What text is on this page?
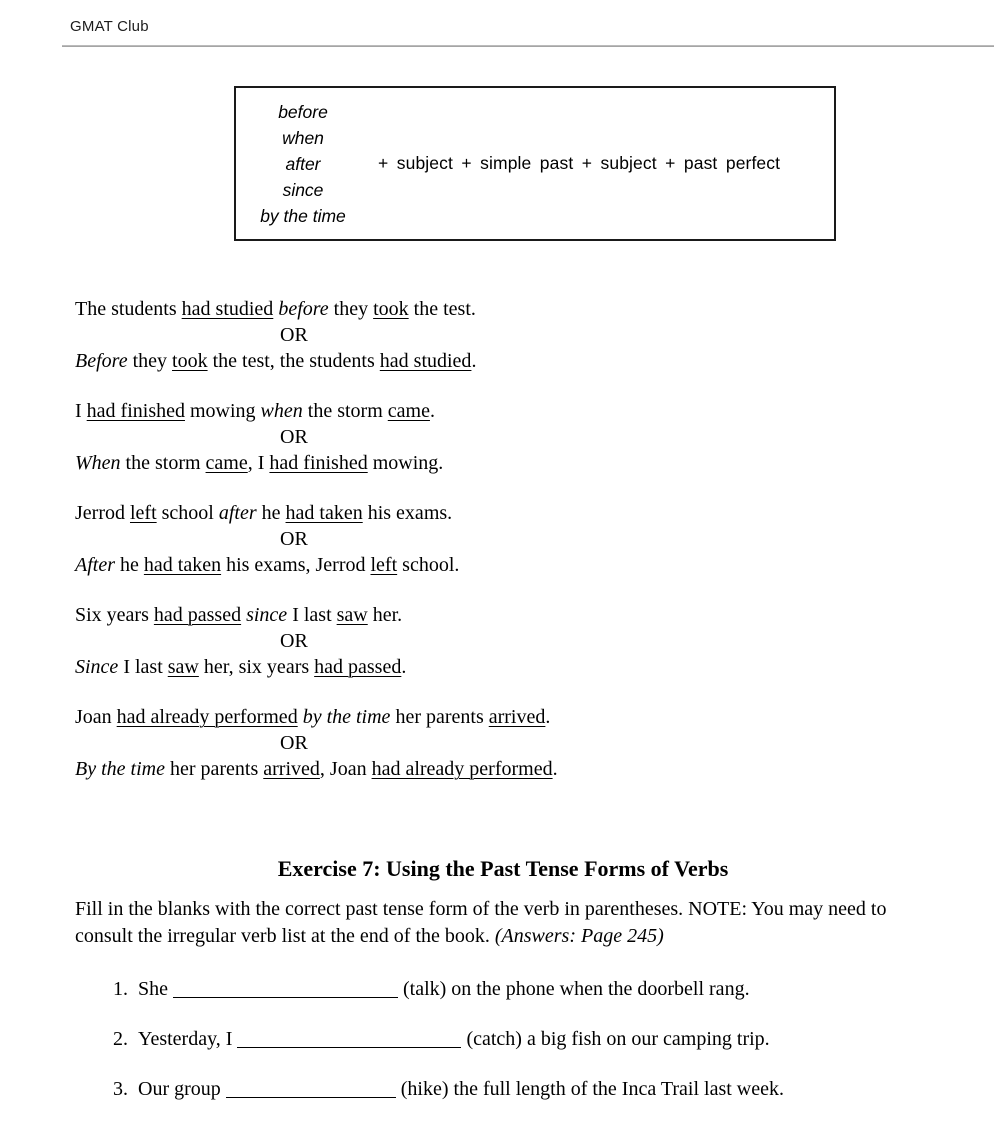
GMAT Club
before
when
after
since
by the time
+ subject + simple past + subject + past perfect
The students had studied before they took the test.
OR
Before they took the test, the students had studied.
I had finished mowing when the storm came.
OR
When the storm came, I had finished mowing.
Jerrod left school after he had taken his exams.
OR
After he had taken his exams, Jerrod left school.
Six years had passed since I last saw her.
OR
Since I last saw her, six years had passed.
Joan had already performed by the time her parents arrived.
OR
By the time her parents arrived, Joan had already performed.
Exercise 7: Using the Past Tense Forms of Verbs

Fill in the blanks with the correct past tense form of the verb in parentheses. NOTE: You may need to consult the irregular verb list at the end of the book. (Answers: Page 245)

1. She	(talk) on the phone when the doorbell rang.
2. Yesterday, I	(catch) a big fish on our camping trip.
3. Our group	(hike) the full length of the Inca Trail last week.
